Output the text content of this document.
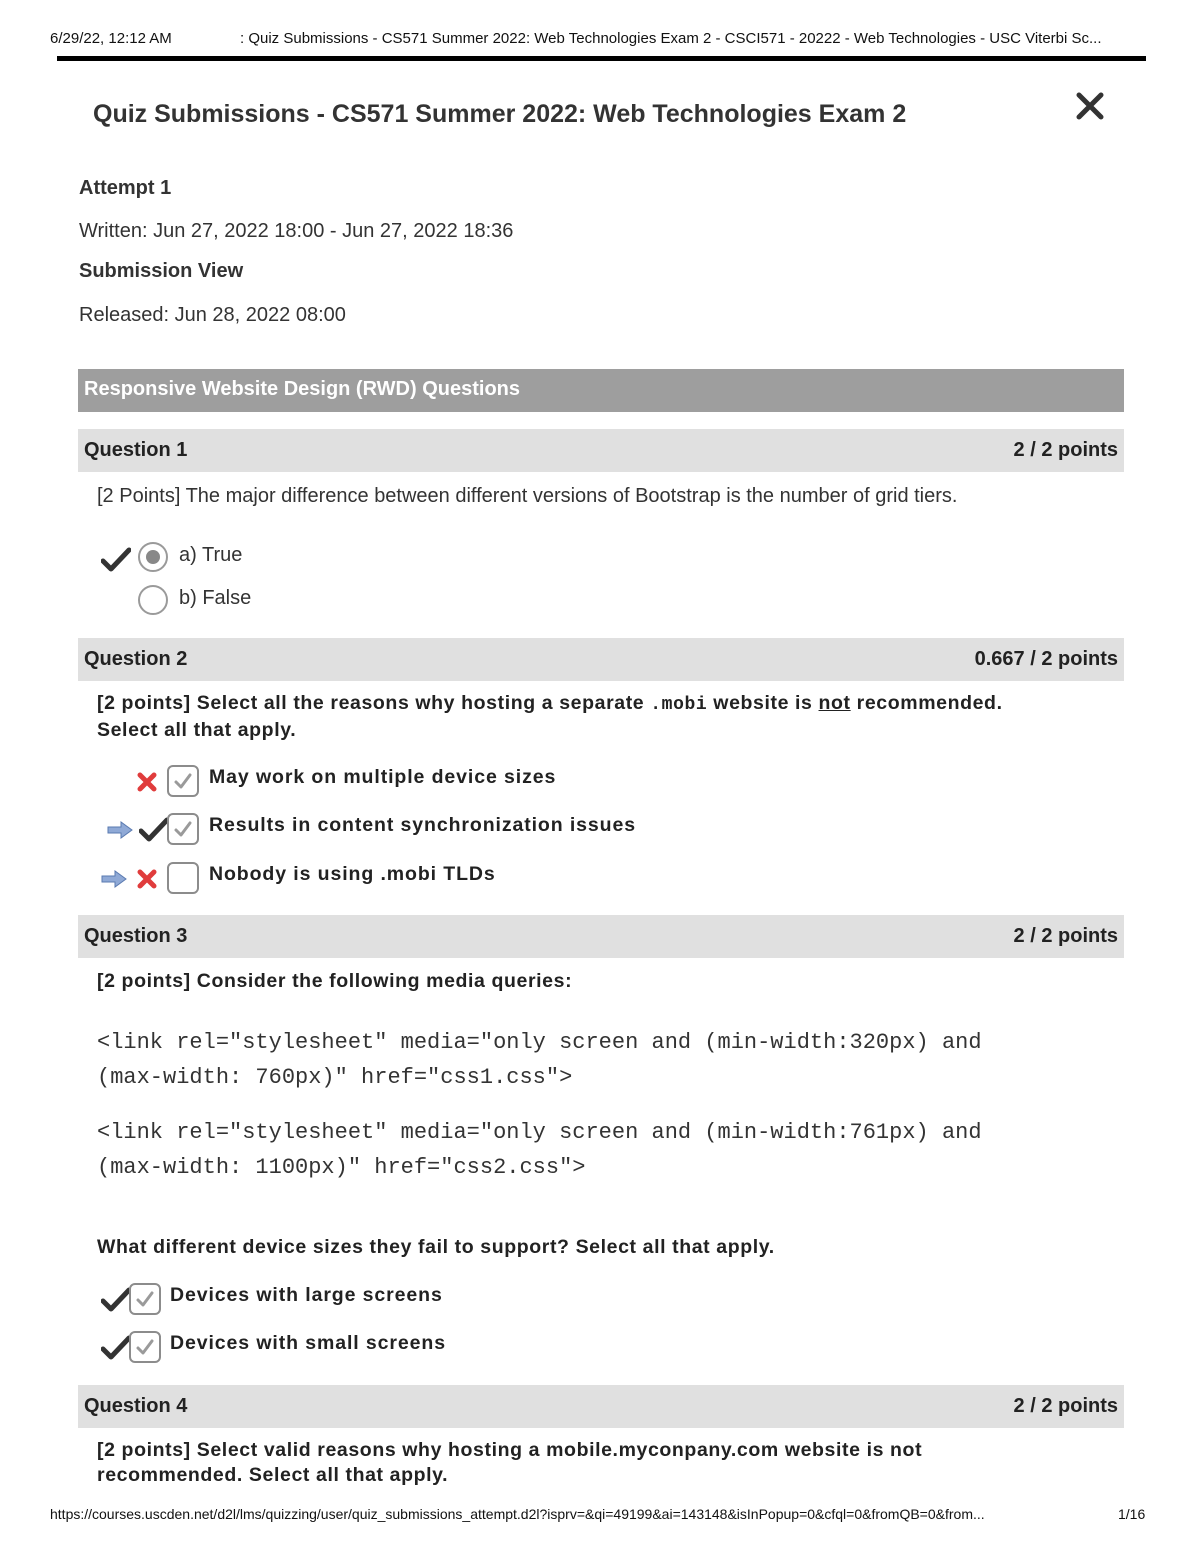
6/29/22, 12:12 AM	: Quiz Submissions - CS571 Summer 2022: Web Technologies Exam 2 - CSCI571 - 20222 - Web Technologies - USC Viterbi Sc...
Quiz Submissions - CS571 Summer 2022: Web Technologies Exam 2
Attempt 1
Written: Jun 27, 2022 18:00 - Jun 27, 2022 18:36
Submission View
Released: Jun 28, 2022 08:00
Responsive Website Design (RWD) Questions
Question 1	2 / 2 points
[2 Points] The major difference between different versions of Bootstrap is the number of grid tiers.
a) True
b) False
Question 2	0.667 / 2 points
[2 points] Select all the reasons why hosting a separate .mobi website is not recommended.
Select all that apply.
May work on multiple device sizes
Results in content synchronization issues
Nobody is using .mobi TLDs
Question 3	2 / 2 points
[2 points] Consider the following media queries:
<link rel="stylesheet" media="only screen and (min-width:320px) and
(max-width: 760px)" href="css1.css">
<link rel="stylesheet" media="only screen and (min-width:761px) and
(max-width: 1100px)" href="css2.css">
What different device sizes they fail to support? Select all that apply.
Devices with large screens
Devices with small screens
Question 4	2 / 2 points
[2 points] Select valid reasons why hosting a mobile.myconpany.com website is not
recommended. Select all that apply.
https://courses.uscden.net/d2l/lms/quizzing/user/quiz_submissions_attempt.d2l?isprv=&qi=49199&ai=143148&isInPopup=0&cfql=0&fromQB=0&from...	1/16
